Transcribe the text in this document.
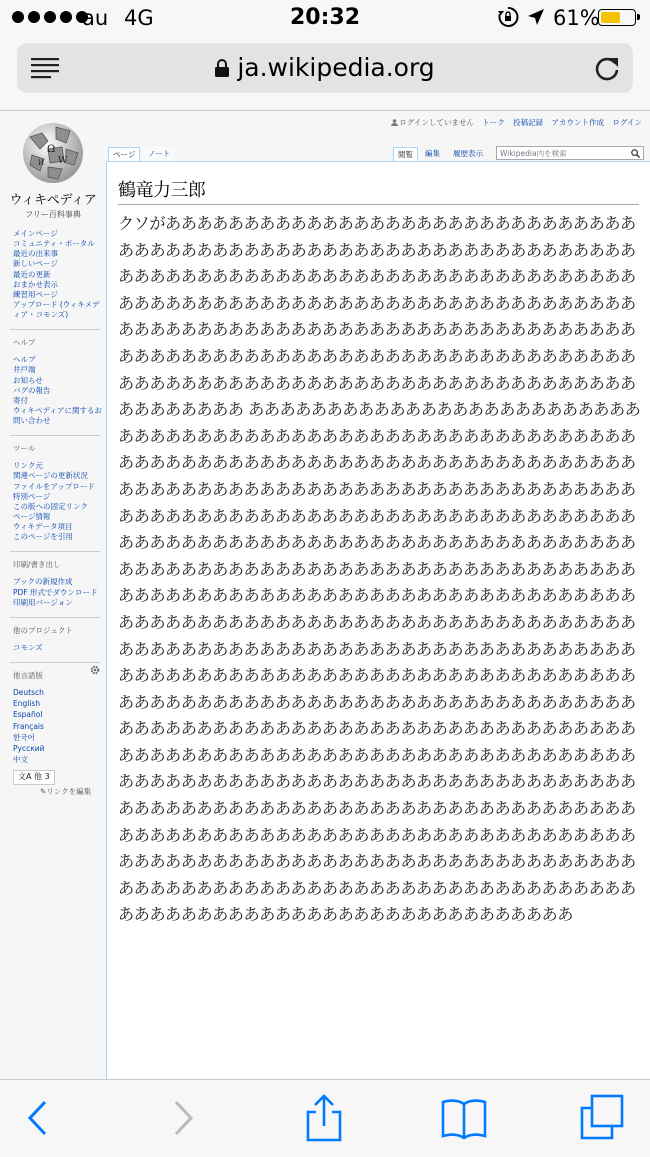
au 4G	20:32	61%
ja.wikipedia.org
Ω
W
И
ウィキペディア
フリー百科事典
ログインしていません トーク 投稿記録 アカウント作成 ログイン
ページ	ノート	閲覧	編集	履歴表示	Wikipedia内を検索
メインページ
コミュニティ・ポータル
最近の出来事
新しいページ
最近の更新
おまかせ表示
練習用ページ
アップロード (ウィキメディア・コモンズ)
ヘルプ
ヘルプ
井戸端
お知らせ
バグの報告
寄付
ウィキペディアに関するお問い合わせ
ツール
リンク元
関連ページの更新状況
ファイルをアップロード
特別ページ
この版への固定リンク
ページ情報
ウィキデータ項目
このページを引用
印刷/書き出し
ブックの新規作成
PDF 形式でダウンロード
印刷用バージョン
他のプロジェクト
コモンズ
他言語版
Deutsch
English
Español
Français
한국어
Русский
中文
文A 他 3
✎リンクを編集
鶴竜力三郎
クソがああああああああああああああああああああああああああああああああああああああああああああああああああああああああああああああああああああああああああああああああああああああああああああああああああああああああああああああああああああああああああああああああああああああああああああああああああああああああああああああああああああああああああああああああああああああああああああああああああああああああああああああああああああああああああああああああああああああああああああ ああああああああああああああああああああああああああああああああああああああああああああああああああああああああああああああああああああああああああああああああああああああああああああああああああああああああああああああああああああああああああああああああああああああああああああああああああああああああああああああああああああああああああああああああああああああああああああああああああああああああああああああああああああああああああああああああああああああああああああああああああああああああああああああああああああああああああああああああああああああああああああああああああああああああああああああああああああああああああああああああああああああああああああああああああああああああああああああああああああああああああああああああああああああああああああああああああああああああああああああああああああああああああああああああああああああああああああああああああああああああああああああああああああああああああああああああああああああああああああああああああああああああああああああああああああああああああああああああああああああああああああああああああああああああああああああああああああああああああああああああああああああああああああああああああああああああああああああああああああああああああああああああああああああああああああああああああああああああああああああああああああああああ
